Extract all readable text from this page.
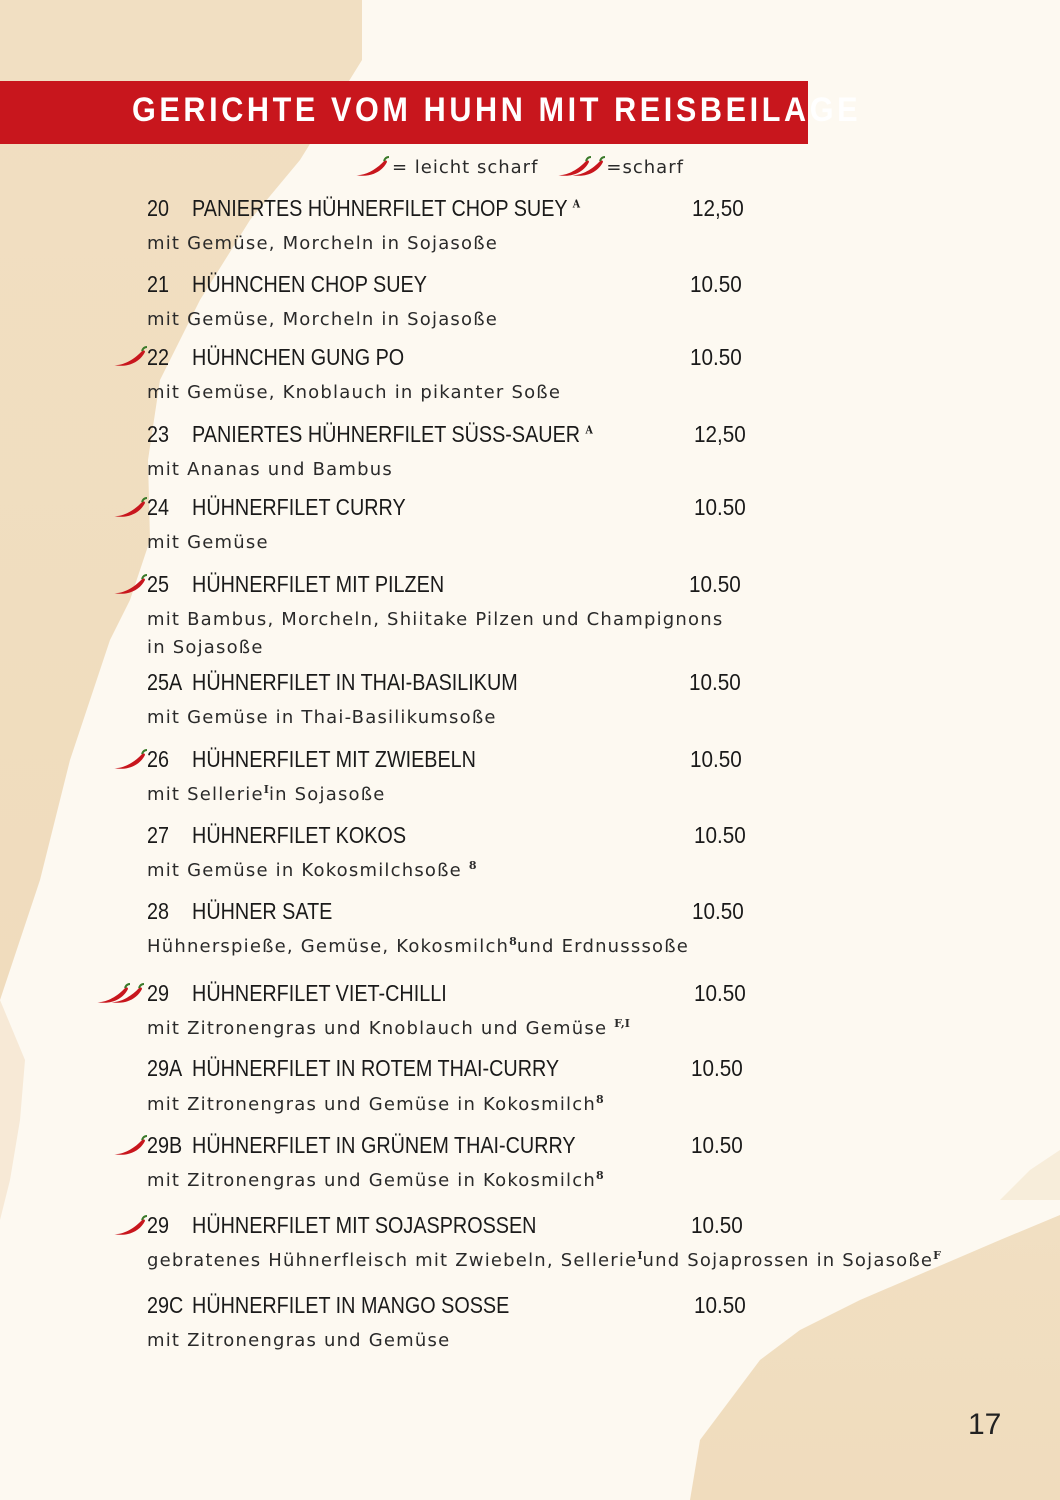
GERICHTE VOM HUHN MIT REISBEILAGE
= leicht scharf	=scharf
20 PANIERTES HÜHNERFILET CHOP SUEY $^A$	12,50
mit Gemüse, Morcheln in Sojasoße
21 HÜHNCHEN CHOP SUEY	10.50
mit Gemüse, Morcheln in Sojasoße
22 HÜHNCHEN GUNG PO	10.50
mit Gemüse, Knoblauch in pikanter Soße
23 PANIERTES HÜHNERFILET SÜSS-SAUER $^A$	12,50
mit Ananas und Bambus
24 HÜHNERFILET CURRY	10.50
mit Gemüse
25 HÜHNERFILET MIT PILZEN	10.50
mit Bambus, Morcheln, Shiitake Pilzen und Champignons
in Sojasoße
25A HÜHNERFILET IN THAI-BASILIKUM	10.50
mit Gemüse in Thai-Basilikumsoße
26 HÜHNERFILET MIT ZWIEBELN	10.50
mit Sellerie$^I$in Sojasoße
27 HÜHNERFILET KOKOS	10.50
mit Gemüse in Kokosmilchsoße $^8$
28 HÜHNER SATE	10.50
Hühnerspieße, Gemüse, Kokosmilch$^8$und Erdnusssoße
29 HÜHNERFILET VIET-CHILLI	10.50
mit Zitronengras und Knoblauch und Gemüse $^{F,I}$
29A HÜHNERFILET IN ROTEM THAI-CURRY	10.50
mit Zitronengras und Gemüse in Kokosmilch$^8$
29B HÜHNERFILET IN GRÜNEM THAI-CURRY	10.50
mit Zitronengras und Gemüse in Kokosmilch$^8$
29 HÜHNERFILET MIT SOJASPROSSEN	10.50
gebratenes Hühnerfleisch mit Zwiebeln, Sellerie$^I$und Sojaprossen in Sojasoße$^F$
29C HÜHNERFILET IN MANGO SOSSE	10.50
mit Zitronengras und Gemüse
17
